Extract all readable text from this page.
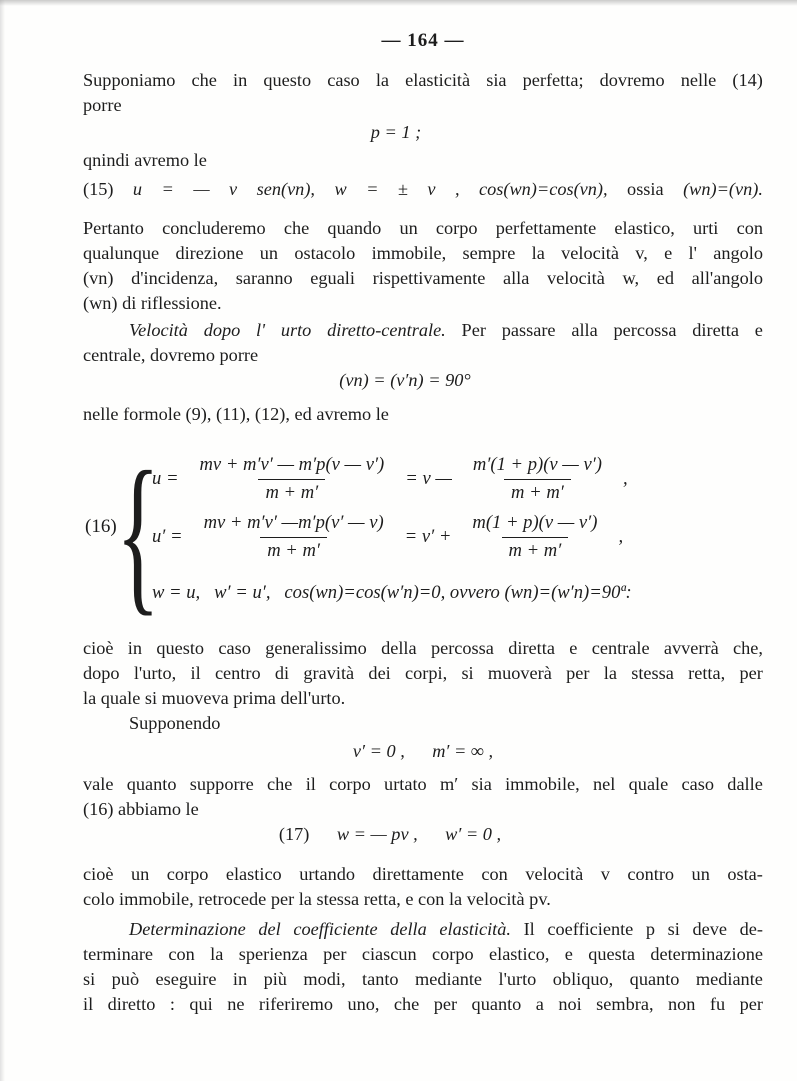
— 164 —
Supponiamo che in questo caso la elasticità sia perfetta; dovremo nelle (14)
porre
p = 1 ;
qnindi avremo le
(15) u = — v sen(vn), w = ± v , cos(wn)=cos(vn), ossia (wn)=(vn).
Pertanto concluderemo che quando un corpo perfettamente elastico, urti con
qualunque direzione un ostacolo immobile, sempre la velocità v, e l' angolo
(vn) d'incidenza, saranno eguali rispettivamente alla velocità w, ed all'angolo
(wn) di riflessione.
Velocità dopo l' urto diretto-centrale. Per passare alla percossa diretta e
centrale, dovremo porre
(vn) = (v′n) = 90°
nelle formole (9), (11), (12), ed avremo le
(16) {
$u = \frac{mv + m'v' — m'p(v — v')}{m + m'} = v$ — $\frac{m'(1 + p)(v — v')}{m + m'}$ ,
$u' = \frac{mv + m'v' —m'p(v' — v)}{m + m'} = v' + \frac{m(1 + p)(v — v')}{m + m'}$ ,
w = u,   w′ = u′,   cos(wn)=cos(w′n)=0, ovvero (wn)=(w′n)=90ª:
cioè in questo caso generalissimo della percossa diretta e centrale avverrà che,
dopo l'urto, il centro di gravità dei corpi, si muoverà per la stessa retta, per
la quale si muoveva prima dell'urto.
Supponendo
v′ = 0 ,      m′ = ∞ ,
vale quanto supporre che il corpo urtato m′ sia immobile, nel quale caso dalle
(16) abbiamo le
(17)      w = — pv ,      w′ = 0 ,
cioè un corpo elastico urtando direttamente con velocità v contro un osta-
colo immobile, retrocede per la stessa retta, e con la velocità pv.
Determinazione del coefficiente della elasticità. Il coefficiente p si deve de-
terminare con la sperienza per ciascun corpo elastico, e questa determinazione
si può eseguire in più modi, tanto mediante l'urto obliquo, quanto mediante
il diretto : qui ne riferiremo uno, che per quanto a noi sembra, non fu per
